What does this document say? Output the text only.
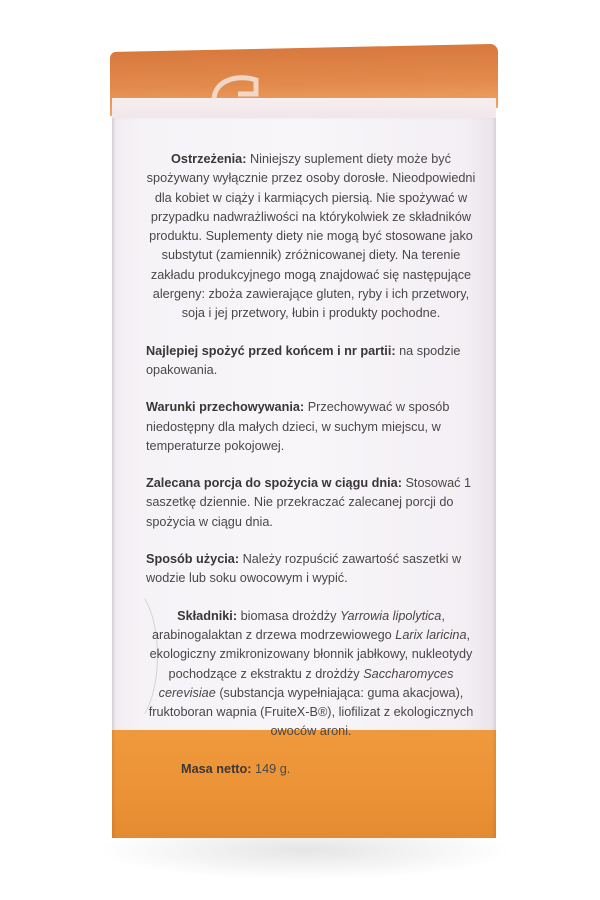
Ostrzeżenia: Niniejszy suplement diety może być spożywany wyłącznie przez osoby dorosłe. Nieodpowiedni dla kobiet w ciąży i karmiących piersią. Nie spożywać w przypadku nadwrażliwości na którykolwiek ze składników produktu. Suplementy diety nie mogą być stosowane jako substytut (zamiennik) zróżnicowanej diety. Na terenie zakładu produkcyjnego mogą znajdować się następujące alergeny: zboża zawierające gluten, ryby i ich przetwory, soja i jej przetwory, łubin i produkty pochodne.

Najlepiej spożyć przed końcem i nr partii: na spodzie opakowania.

Warunki przechowywania: Przechowywać w sposób niedostępny dla małych dzieci, w suchym miejscu, w temperaturze pokojowej.

Zalecana porcja do spożycia w ciągu dnia: Stosować 1 saszetkę dziennie. Nie przekraczać zalecanej porcji do spożycia w ciągu dnia.

Sposób użycia: Należy rozpuścić zawartość saszetki w wodzie lub soku owocowym i wypić.

Składniki: biomasa drożdży Yarrowia lipolytica, arabinogalaktan z drzewa modrzewiowego Larix laricina, ekologiczny zmikronizowany błonnik jabłkowy, nukleotydy pochodzące z ekstraktu z drożdży Saccharomyces cerevisiae (substancja wypełniająca: guma akacjowa), fruktoboran wapnia (FruiteX-B®), liofilizat z ekologicznych owoców aroni.

Masa netto: 149 g.
